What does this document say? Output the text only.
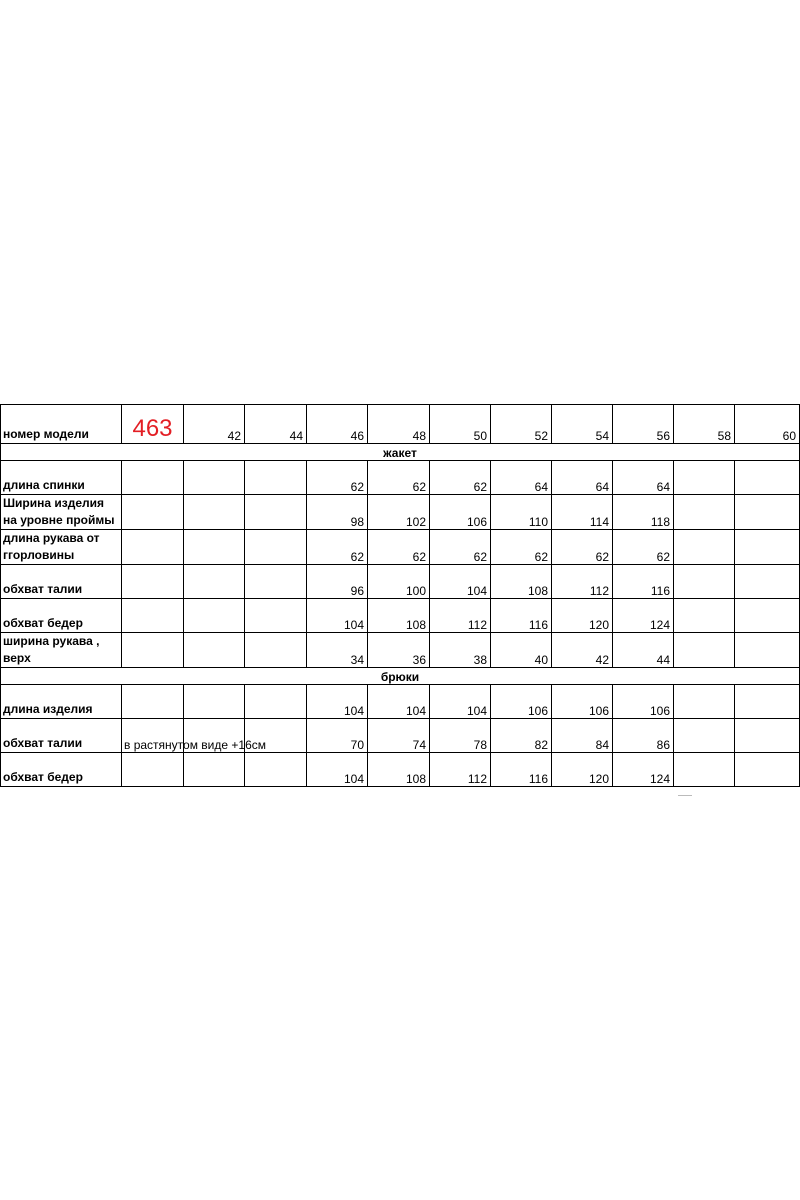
номер модели	463	42	44	46	48	50	52	54	56	58	60
жакет											
длина спинки				62	62	62	64	64	64		
Ширина изделия на уровне проймы				98	102	106	110	114	118		
длина рукава от ггорловины				62	62	62	62	62	62		
обхват талии				96	100	104	108	112	116		
обхват бедер				104	108	112	116	120	124		
ширина рукава , верх				34	36	38	40	42	44		
брюки											
длина изделия				104	104	104	106	106	106		
обхват талии	в растянутом виде +16см			70	74	78	82	84	86		
обхват бедер				104	108	112	116	120	124		
